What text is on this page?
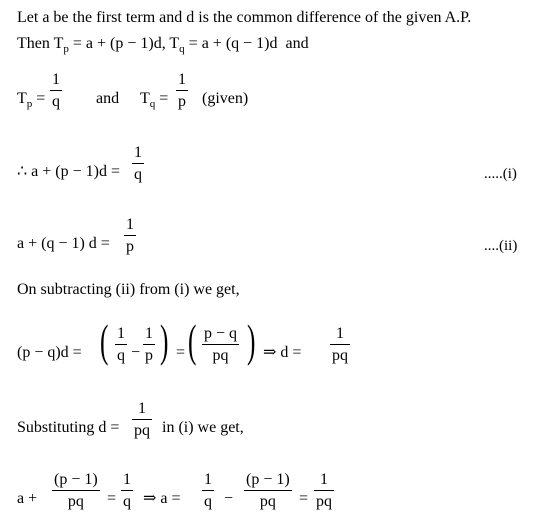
Let a be the first term and d is the common difference of the given A.P.
Then $T_p = a + (p - 1)d$, $T_q = a + (q - 1)d$ and
$T_p$ =
1
q and $T_q$ =
1
p (given)
∴ a + (p − 1)d =
1
q	.....(i)
a + (q − 1) d =
1
p	....(ii)
On subtracting (ii) from (i) we get,
(p − q)d = ( 1
q −
1
p ) = ( p − q
pq ) ⇒ d =
1
pq
Substituting d =
1
pq in (i) we get,
a +
(p − 1)
pq =
1
q ⇒ a =
1
q −
(p − 1)
pq =
1
pq
